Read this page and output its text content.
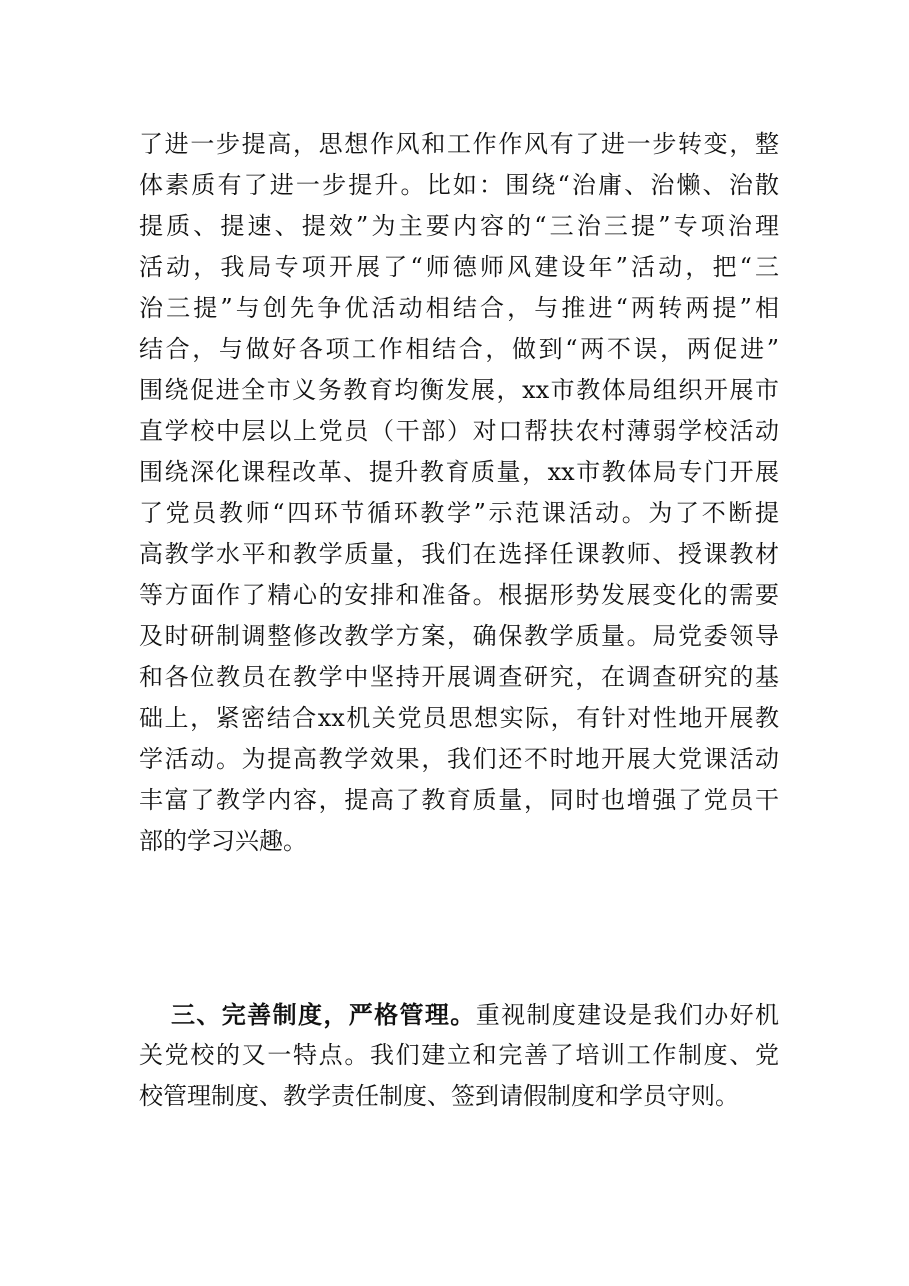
了进一步提高，思想作风和工作作风有了进一步转变，整
体素质有了进一步提升。比如：围绕“治庸、治懒、治散
提质、提速、提效”为主要内容的“三治三提”专项治理
活动，我局专项开展了“师德师风建设年”活动，把“三
治三提”与创先争优活动相结合，与推进“两转两提”相
结合，与做好各项工作相结合，做到“两不误，两促进”
围绕促进全市义务教育均衡发展，xx市教体局组织开展市
直学校中层以上党员（干部）对口帮扶农村薄弱学校活动
围绕深化课程改革、提升教育质量，xx市教体局专门开展
了党员教师“四环节循环教学”示范课活动。为了不断提
高教学水平和教学质量，我们在选择任课教师、授课教材
等方面作了精心的安排和准备。根据形势发展变化的需要
及时研制调整修改教学方案，确保教学质量。局党委领导
和各位教员在教学中坚持开展调查研究，在调查研究的基
础上，紧密结合xx机关党员思想实际，有针对性地开展教
学活动。为提高教学效果，我们还不时地开展大党课活动
丰富了教学内容，提高了教育质量，同时也增强了党员干
部的学习兴趣。
三、完善制度，严格管理。重视制度建设是我们办好机
关党校的又一特点。我们建立和完善了培训工作制度、党
校管理制度、教学责任制度、签到请假制度和学员守则。
